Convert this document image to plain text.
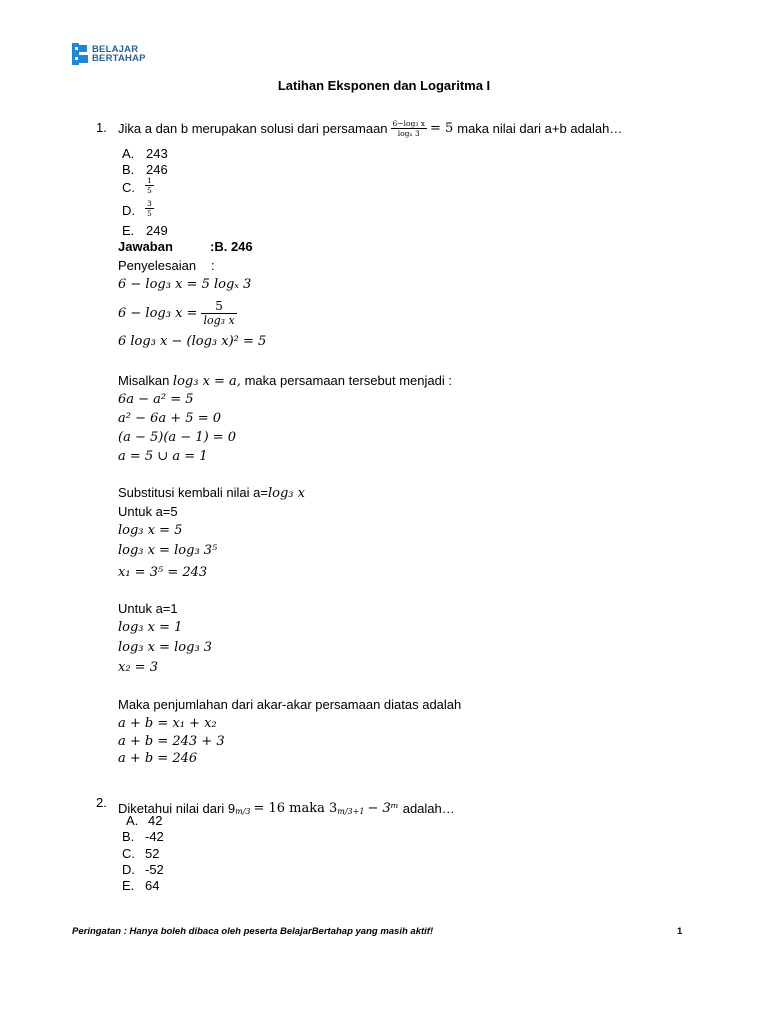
BELAJAR
BERTAHAP
Latihan Eksponen dan Logaritma I
1. Jika a dan b merupakan solusi dari persamaan $\frac{\text{6−log₃ x}}{\text{logₓ 3}} = 5$ maka nilai dari a+b adalah…
A. 243
B. 246
C. $\frac{1}{5}$
D. $\frac{3}{5}$
E. 249
Jawaban	:B. 246
Penyelesaian :
6 − log₃ x = 5 logₓ 3
6 − log₃ $x = \frac{5}{\text{log₃ x}}$
6 log₃ x − (log₃ x)² = 5
Misalkan log₃ x = a, maka persamaan tersebut menjadi :
6a − a² = 5
a² − 6a + 5 = 0
(a − 5)(a − 1) = 0
a = 5 ∪ a = 1
Substitusi kembali nilai a=log₃ x
Untuk a=5
log₃ x = 5
log₃ x = log₃ 3⁵
x₁ = 3⁵ = 243
Untuk a=1
log₃ x = 1
log₃ x = log₃ 3
x₂ = 3
Maka penjumlahan dari akar-akar persamaan diatas adalah
a + b = x₁ + x₂
a + b = 243 + 3
a + b = 246
2. Diketahui nilai dari 9 m/3 = 16 maka 3 m/3+1 − 3ᵐ adalah…
A. 42
B. -42
C. 52
D. -52
E. 64
Peringatan : Hanya boleh dibaca oleh peserta BelajarBertahap yang masih aktif!	1
